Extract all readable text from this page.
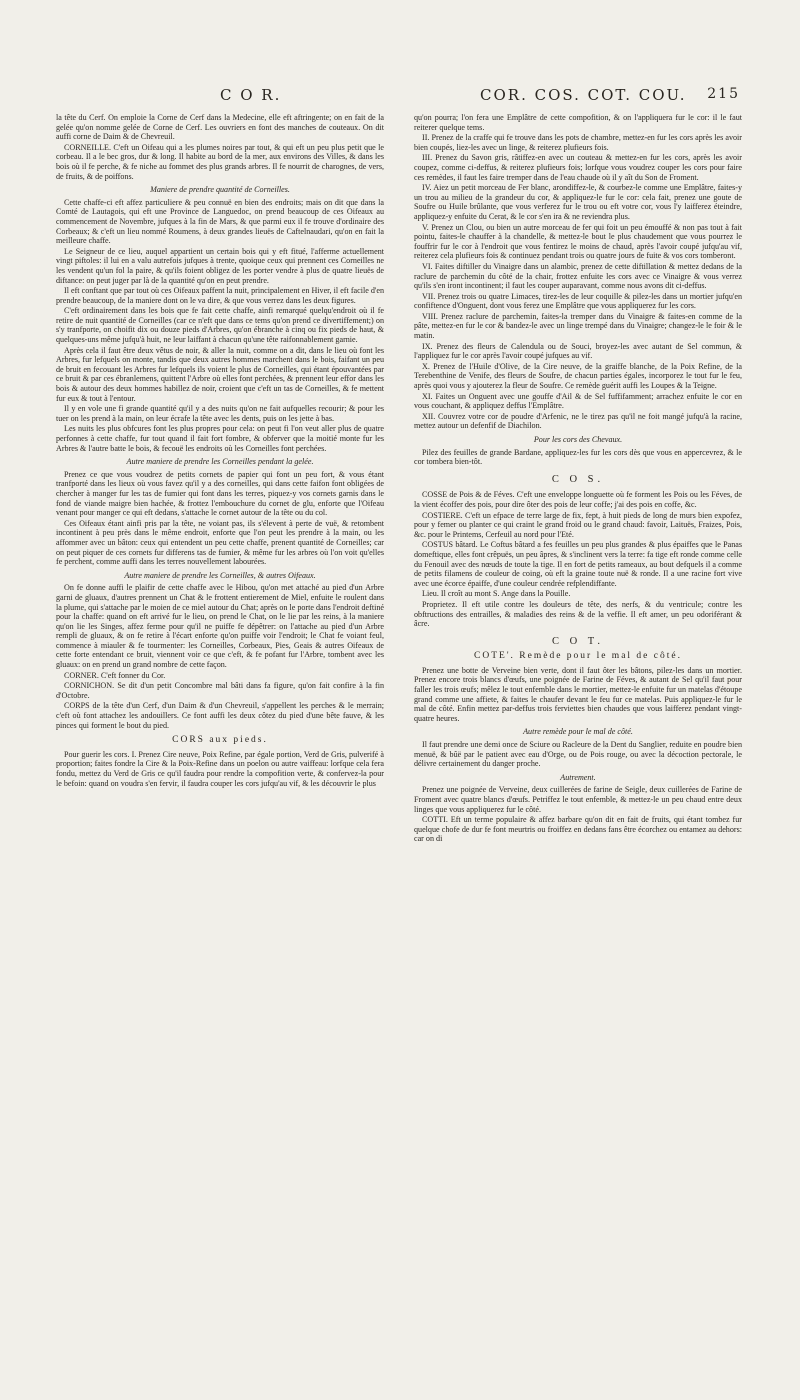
C O R.	COR. COS. COT. COU. 215

la tête du Cerf. On emploie la Corne de Cerf dans la Medecine, elle eft aftringente; on en fait de la gelée qu'on nomme gelée de Corne de Cerf. Les ouvriers en font des manches de couteaux. On dit auffi corne de Daim & de Chevreuil.

CORNEILLE. C'eft un Oifeau qui a les plumes noires par tout, & qui eft un peu plus petit que le corbeau. Il a le bec gros, dur & long. Il habite au bord de la mer, aux environs des Villes, & dans les bois où il fe perche, & fe niche au fommet des plus grands arbres. Il fe nourrit de charognes, de vers, de fruits, & de poiffons.

Maniere de prendre quantité de Corneilles.

Cette chaffe-ci eft affez particuliere & peu connuë en bien des endroits; mais on dit que dans la Comté de Lautagois, qui eft une Province de Languedoc, on prend beaucoup de ces Oifeaux au commencement de Novembre, jufques à la fin de Mars, & que parmi eux il fe trouve d'ordinaire des Corbeaux; & c'eft un lieu nommé Roumens, à deux grandes lieuës de Caftelnaudari, qu'on en fait la meilleure chaffe.

Le Seigneur de ce lieu, auquel appartient un certain bois qui y eft fitué, l'afferme actuellement vingt piftoles: il lui en a valu autrefois jufques à trente, quoique ceux qui prennent ces Corneilles ne les vendent qu'un fol la paire, & qu'ils foient obligez de les porter vendre à plus de quatre lieuës de diftance: on peut juger par là de la quantité qu'on en peut prendre.

Il eft conftant que par tout où ces Oifeaux paffent la nuit, principalement en Hiver, il eft facile d'en prendre beaucoup, de la maniere dont on le va dire, & que vous verrez dans les deux figures.

C'eft ordinairement dans les bois que fe fait cette chaffe, ainfi remarqué quelqu'endroit où il fe retire de nuit quantité de Corneilles (car ce n'eft que dans ce tems qu'on prend ce divertiffement;) on s'y tranfporte, on choifit dix ou douze pieds d'Arbres, qu'on ébranche à cinq ou fix pieds de haut, & quelques-uns même jufqu'à huit, ne leur laiffant à chacun qu'une tête raifonnablement garnie.

Après cela il faut être deux vêtus de noir, & aller la nuit, comme on a dit, dans le lieu où font les Arbres, fur lefquels on monte, tandis que deux autres hommes marchent dans le bois, faifant un peu de bruit en fecouant les Arbres fur lefquels ils voient le plus de Corneilles, qui étant épouvantées par ce bruit & par ces ébranlemens, quittent l'Arbre où elles font perchées, & prennent leur effor dans les bois & autour des deux hommes habillez de noir, croient que c'eft un tas de Corneilles, & fe mettent fur eux & tout à l'entour.

Il y en vole une fi grande quantité qu'il y a des nuits qu'on ne fait aufquelles recourir; & pour les tuer on les prend à la main, on leur écrafe la tête avec les dents, puis on les jette à bas.

Les nuits les plus obfcures font les plus propres pour cela: on peut fi l'on veut aller plus de quatre perfonnes à cette chaffe, fur tout quand il fait fort fombre, & obferver que la moitié monte fur les Arbres & l'autre batte le bois, & fecouë les endroits où les Corneilles font perchées.

Autre maniere de prendre les Corneilles pendant la gelée.

Prenez ce que vous voudrez de petits cornets de papier qui font un peu fort, & vous étant tranfporté dans les lieux où vous favez qu'il y a des corneilles, qui dans cette faifon font obligées de chercher à manger fur les tas de fumier qui font dans les terres, piquez-y vos cornets garnis dans le fond de viande maigre bien hachée, & frottez l'embouchure du cornet de glu, enforte que l'Oifeau venant pour manger ce qui eft dedans, s'attache le cornet autour de la tête ou du col.

Ces Oifeaux étant ainfi pris par la tête, ne voiant pas, ils s'élevent à perte de vuë, & retombent incontinent à peu près dans le même endroit, enforte que l'on peut les prendre à la main, ou les affommer avec un bâton: ceux qui entendent un peu cette chaffe, prenent quantité de Corneilles; car on peut piquer de ces cornets fur differens tas de fumier, & même fur les arbres où l'on voit qu'elles fe perchent, comme auffi dans les terres nouvellement labourées.

Autre maniere de prendre les Corneilles, & autres Oifeaux.

On fe donne auffi le plaifir de cette chaffe avec le Hibou, qu'on met attaché au pied d'un Arbre garni de gluaux, d'autres prennent un Chat & le frottent entierement de Miel, enfuite le roulent dans la plume, qui s'attache par le moien de ce miel autour du Chat; après on le porte dans l'endroit deftiné pour la chaffe: quand on eft arrivé fur le lieu, on prend le Chat, on le lie par les reins, à la maniere qu'on lie les Singes, affez ferme pour qu'il ne puiffe fe dépêtrer: on l'attache au pied d'un Arbre rempli de gluaux, & on fe retire à l'écart enforte qu'on puiffe voir l'endroit; le Chat fe voiant feul, commence à miauler & fe tourmenter: les Corneilles, Corbeaux, Pies, Geais & autres Oifeaux de cette forte entendant ce bruit, viennent voir ce que c'eft, & fe pofant fur l'Arbre, tombent avec les gluaux: on en prend un grand nombre de cette façon.

CORNER. C'eft fonner du Cor.

CORNICHON. Se dit d'un petit Concombre mal bâti dans fa figure, qu'on fait confire à la fin d'Octobre.

CORPS de la tête d'un Cerf, d'un Daim & d'un Chevreuil, s'appellent les perches & le merrain; c'eft où font attachez les andouillers. Ce font auffi les deux côtez du pied d'une bête fauve, & les pinces qui forment le bout du pied.

CORS aux pieds.

Pour guerir les cors. I. Prenez Cire neuve, Poix Refine, par égale portion, Verd de Gris, pulverifé à proportion; faites fondre la Cire & la Poix-Refine dans un poelon ou autre vaiffeau: lorfque cela fera fondu, mettez du Verd de Gris ce qu'il faudra pour rendre la compofition verte, & confervez-la pour le befoin: quand on voudra s'en fervir, il faudra couper les cors jufqu'au vif, & les découvrir le plus

qu'on pourra; l'on fera une Emplâtre de cette compofition, & on l'appliquera fur le cor: il le faut reiterer quelque tems.

II. Prenez de la craffe qui fe trouve dans les pots de chambre, mettez-en fur les cors après les avoir bien coupés, liez-les avec un linge, & reiterez plufieurs fois.

III. Prenez du Savon gris, râtiffez-en avec un couteau & mettez-en fur les cors, après les avoir coupez, comme ci-deffus, & reiterez plufieurs fois; lorfque vous voudrez couper les cors pour faire ces remèdes, il faut les faire tremper dans de l'eau chaude où il y aît du Son de Froment.

IV. Aiez un petit morceau de Fer blanc, arondiffez-le, & courbez-le comme une Emplâtre, faites-y un trou au milieu de la grandeur du cor, & appliquez-le fur le cor: cela fait, prenez une goute de Soufre ou Huile brûlante, que vous verferez fur le trou ou eft votre cor, vous l'y laifferez éteindre, appliquez-y enfuite du Cerat, & le cor s'en ira & ne reviendra plus.

V. Prenez un Clou, ou bien un autre morceau de fer qui foit un peu émouffé & non pas tout à fait pointu, faites-le chauffer à la chandelle, & mettez-le bout le plus chaudement que vous pourrez le fouffrir fur le cor à l'endroit que vous fentirez le moins de chaud, après l'avoir coupé jufqu'au vif, reiterez cela plufieurs fois & continuez pendant trois ou quatre jours de fuite & vos cors tomberont.

VI. Faites diftiller du Vinaigre dans un alambic, prenez de cette diftillation & mettez dedans de la raclure de parchemin du côté de la chair, frottez enfuite les cors avec ce Vinaigre & vous verrez qu'ils s'en iront incontinent; il faut les couper auparavant, comme nous avons dit ci-deffus.

VII. Prenez trois ou quatre Limaces, tirez-les de leur coquille & pilez-les dans un mortier jufqu'en confiftence d'Onguent, dont vous ferez une Emplâtre que vous appliquerez fur les cors.

VIII. Prenez raclure de parchemin, faites-la tremper dans du Vinaigre & faites-en comme de la pâte, mettez-en fur le cor & bandez-le avec un linge trempé dans du Vinaigre; changez-le le foir & le matin.

IX. Prenez des fleurs de Calendula ou de Souci, broyez-les avec autant de Sel commun, & l'appliquez fur le cor après l'avoir coupé jufques au vif.

X. Prenez de l'Huile d'Olive, de la Cire neuve, de la graiffe blanche, de la Poix Refine, de la Terebenthine de Venife, des fleurs de Soufre, de chacun parties égales, incorporez le tout fur le feu, après quoi vous y ajouterez la fleur de Soufre. Ce remède guérit auffi les Loupes & la Teigne.

XI. Faites un Onguent avec une gouffe d'Ail & de Sel fuffifamment; arrachez enfuite le cor en vous couchant, & appliquez deffus l'Emplâtre.

XII. Couvrez votre cor de poudre d'Arfenic, ne le tirez pas qu'il ne foit mangé jufqu'à la racine, mettez autour un defenfif de Diachilon.

Pour les cors des Chevaux.

Pilez des feuilles de grande Bardane, appliquez-les fur les cors dès que vous en appercevrez, & le cor tombera bien-tôt.

C O S.

COSSE de Pois & de Féves. C'eft une enveloppe longuette où fe forment les Pois ou les Féves, de la vient écoffer des pois, pour dire ôter des pois de leur coffe; j'ai des pois en coffe, &c.

COSTIERE. C'eft un efpace de terre large de fix, fept, à huit pieds de long de murs bien expofez, pour y femer ou planter ce qui craint le grand froid ou le grand chaud: favoir, Laituës, Fraizes, Pois, &c. pour le Printems, Cerfeuil au nord pour l'Eté.

COSTUS bâtard. Le Coftus bâtard a fes feuilles un peu plus grandes & plus épaiffes que le Panas domeftique, elles font crêpuës, un peu âpres, & s'inclinent vers la terre: fa tige eft ronde comme celle du Fenouil avec des nœuds de toute la tige. Il en fort de petits rameaux, au bout defquels il a comme de petits filamens de couleur de coing, où eft la graine toute nuë & ronde. Il a une racine fort vive avec une écorce épaiffe, d'une couleur cendrée refplendiffante.

Lieu. Il croît au mont S. Ange dans la Pouille.

Proprietez. Il eft utile contre les douleurs de tête, des nerfs, & du ventricule; contre les obftructions des entrailles, & maladies des reins & de la veffie. Il eft amer, un peu odoriférant & âcre.

C O T.

COTE'. Remède pour le mal de côté.

Prenez une botte de Verveine bien verte, dont il faut ôter les bâtons, pilez-les dans un mortier. Prenez encore trois blancs d'œufs, une poignée de Farine de Féves, & autant de Sel qu'il faut pour faller les trois œufs; mêlez le tout enfemble dans le mortier, mettez-le enfuite fur un matelas d'étoupe grand comme une affiete, & faites le chaufer devant le feu fur ce matelas. Puis appliquez-le fur le mal de côté. Enfin mettez par-deffus trois ferviettes bien chaudes que vous laifferez pendant vingt-quatre heures.

Autre remède pour le mal de côté.

Il faut prendre une demi once de Sciure ou Racleure de la Dent du Sanglier, reduite en poudre bien menuë, & bûë par le patient avec eau d'Orge, ou de Pois rouge, ou avec la décoction pectorale, le délivre certainement du danger proche.

Autrement.

Prenez une poignée de Verveine, deux cuillerées de farine de Seigle, deux cuillerées de Farine de Froment avec quatre blancs d'œufs. Petriffez le tout enfemble, & mettez-le un peu chaud entre deux linges que vous appliquerez fur le côté.

COTTI. Eft un terme populaire & affez barbare qu'on dit en fait de fruits, qui étant tombez fur quelque chofe de dur fe font meurtris ou froiffez en dedans fans être écorchez ou entamez au dehors: car on di
